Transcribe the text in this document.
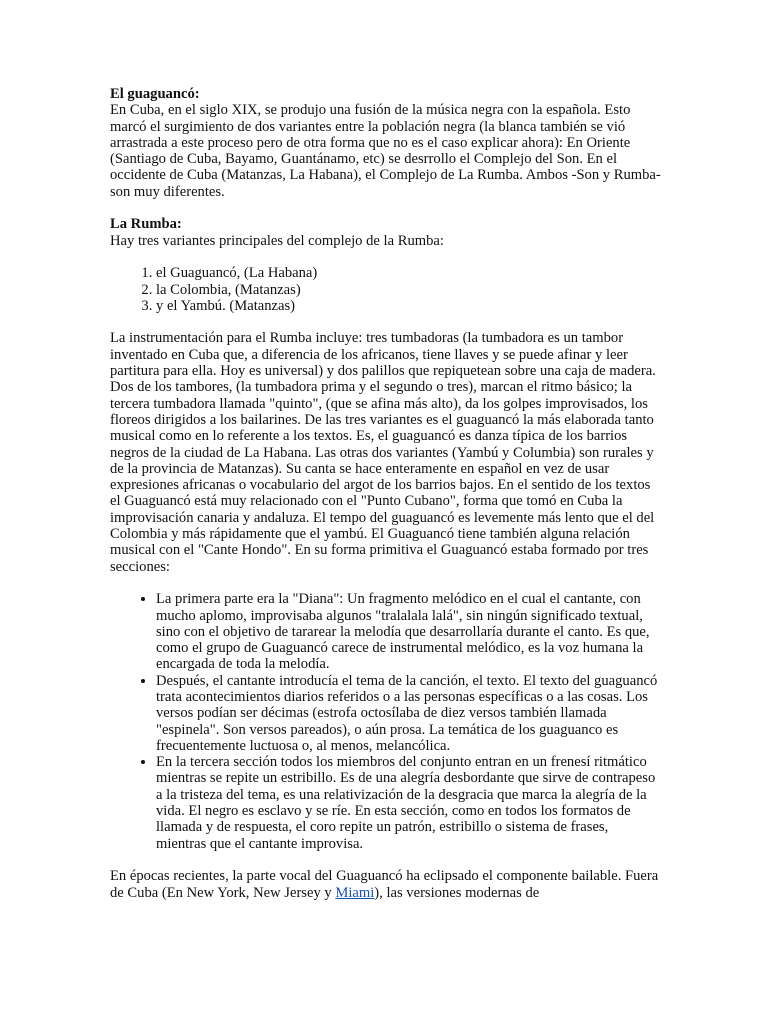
El guaguancó:

En Cuba, en el siglo XIX, se produjo una fusión de la música negra con la española. Esto marcó el surgimiento de dos variantes entre la población negra (la blanca también se vió arrastrada a este proceso pero de otra forma que no es el caso explicar ahora): En Oriente (Santiago de Cuba, Bayamo, Guantánamo, etc) se desrrollo el Complejo del Son. En el occidente de Cuba (Matanzas, La Habana), el Complejo de La Rumba. Ambos -Son y Rumba- son muy diferentes.

La Rumba:

Hay tres variantes principales del complejo de la Rumba:

1. el Guaguancó, (La Habana)
2. la Colombia, (Matanzas)
3. y el Yambú. (Matanzas)

La instrumentación para el Rumba incluye: tres tumbadoras (la tumbadora es un tambor inventado en Cuba que, a diferencia de los africanos, tiene llaves y se puede afinar y leer partitura para ella. Hoy es universal) y dos palillos que repiquetean sobre una caja de madera. Dos de los tambores, (la tumbadora prima y el segundo o tres), marcan el ritmo básico; la tercera tumbadora llamada "quinto", (que se afina más alto), da los golpes improvisados, los floreos dirigidos a los bailarines. De las tres variantes es el guaguancó la más elaborada tanto musical como en lo referente a los textos. Es, el guaguancó es danza típica de los barrios negros de la ciudad de La Habana. Las otras dos variantes (Yambú y Columbia) son rurales y de la provincia de Matanzas). Su canta se hace enteramente en español en vez de usar expresiones africanas o vocabulario del argot de los barrios bajos. En el sentido de los textos el Guaguancó está muy relacionado con el "Punto Cubano", forma que tomó en Cuba la improvisación canaria y andaluza. El tempo del guaguancó es levemente más lento que el del Colombia y más rápidamente que el yambú. El Guaguancó tiene también alguna relación musical con el "Cante Hondo". En su forma primitiva el Guaguancó estaba formado por tres secciones:

• La primera parte era la "Diana": Un fragmento melódico en el cual el cantante, con mucho aplomo, improvisaba algunos "tralalala lalá", sin ningún significado textual, sino con el objetivo de tararear la melodía que desarrollaría durante el canto. Es que, como el grupo de Guaguancó carece de instrumental melódico, es la voz humana la encargada de toda la melodía.
• Después, el cantante introducía el tema de la canción, el texto. El texto del guaguancó trata acontecimientos diarios referidos o a las personas específicas o a las cosas. Los versos podían ser décimas (estrofa octosílaba de diez versos también llamada "espinela". Son versos pareados), o aún prosa. La temática de los guaguanco es frecuentemente luctuosa o, al menos, melancólica.
• En la tercera sección todos los miembros del conjunto entran en un frenesí ritmático mientras se repite un estribillo. Es de una alegría desbordante que sirve de contrapeso a la tristeza del tema, es una relativización de la desgracia que marca la alegría de la vida. El negro es esclavo y se ríe. En esta sección, como en todos los formatos de llamada y de respuesta, el coro repite un patrón, estribillo o sistema de frases, mientras que el cantante improvisa.

En épocas recientes, la parte vocal del Guaguancó ha eclipsado el componente bailable. Fuera de Cuba (En New York, New Jersey y Miami), las versiones modernas de
